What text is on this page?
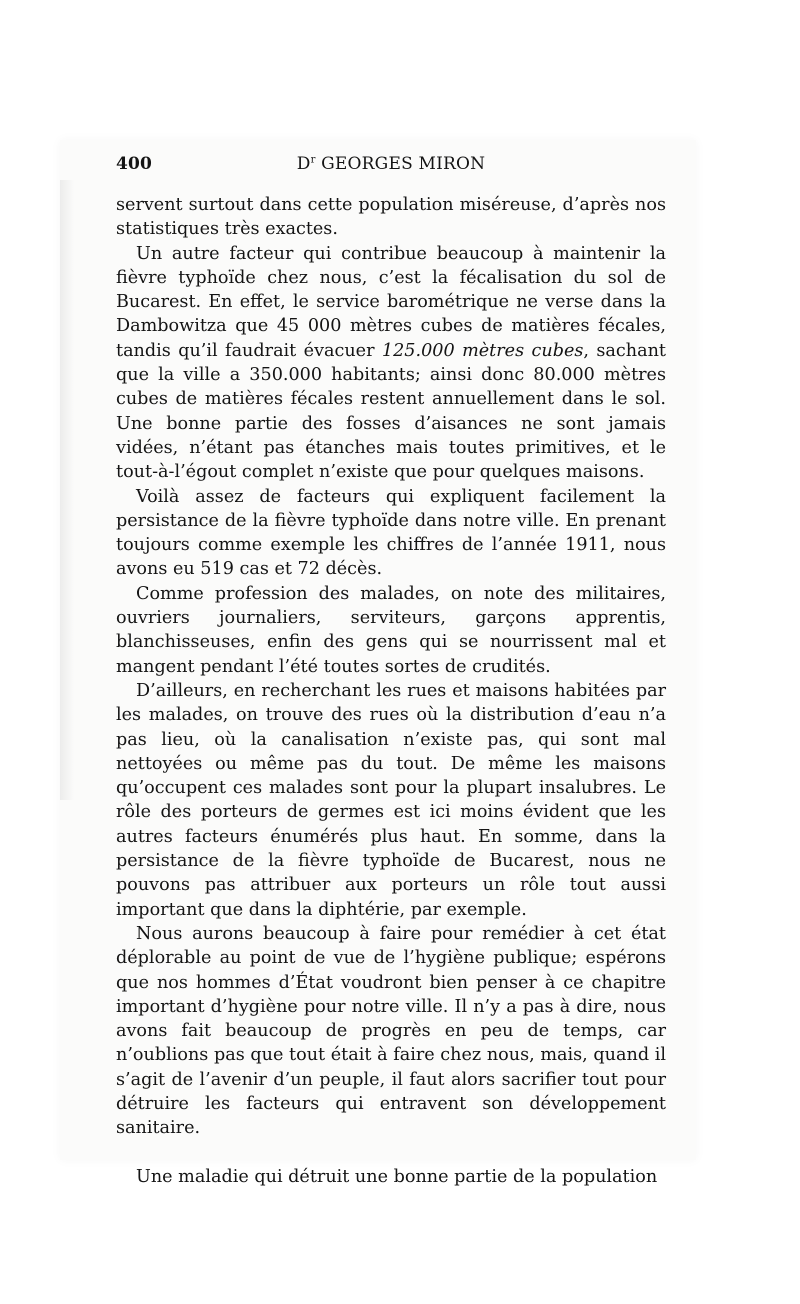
400	$D^r$ GEORGES MIRON

servent surtout dans cette population miséreuse, d’après nos statistiques très exactes.

Un autre facteur qui contribue beaucoup à maintenir la fièvre typhoïde chez nous, c’est la fécalisation du sol de Bucarest. En effet, le service barométrique ne verse dans la Dambowitza que 45 000 mètres cubes de matières fécales, tandis qu’il faudrait évacuer 125.000 mètres cubes, sachant que la ville a 350.000 habitants; ainsi donc 80.000 mètres cubes de matières fécales restent annuellement dans le sol. Une bonne partie des fosses d’aisances ne sont jamais vidées, n’étant pas étanches mais toutes primitives, et le tout-à-l’égout complet n’existe que pour quelques maisons.

Voilà assez de facteurs qui expliquent facilement la persistance de la fièvre typhoïde dans notre ville. En prenant toujours comme exemple les chiffres de l’année 1911, nous avons eu 519 cas et 72 décès.

Comme profession des malades, on note des militaires, ouvriers journaliers, serviteurs, garçons apprentis, blanchisseuses, enfin des gens qui se nourrissent mal et mangent pendant l’été toutes sortes de crudités.

D’ailleurs, en recherchant les rues et maisons habitées par les malades, on trouve des rues où la distribution d’eau n’a pas lieu, où la canalisation n’existe pas, qui sont mal nettoyées ou même pas du tout. De même les maisons qu’occupent ces malades sont pour la plupart insalubres. Le rôle des porteurs de germes est ici moins évident que les autres facteurs énumérés plus haut. En somme, dans la persistance de la fièvre typhoïde de Bucarest, nous ne pouvons pas attribuer aux porteurs un rôle tout aussi important que dans la diphtérie, par exemple.

Nous aurons beaucoup à faire pour remédier à cet état déplorable au point de vue de l’hygiène publique; espérons que nos hommes d’État voudront bien penser à ce chapitre important d’hygiène pour notre ville. Il n’y a pas à dire, nous avons fait beaucoup de progrès en peu de temps, car n’oublions pas que tout était à faire chez nous, mais, quand il s’agit de l’avenir d’un peuple, il faut alors sacrifier tout pour détruire les facteurs qui entravent son développement sanitaire.

Une maladie qui détruit une bonne partie de la population
